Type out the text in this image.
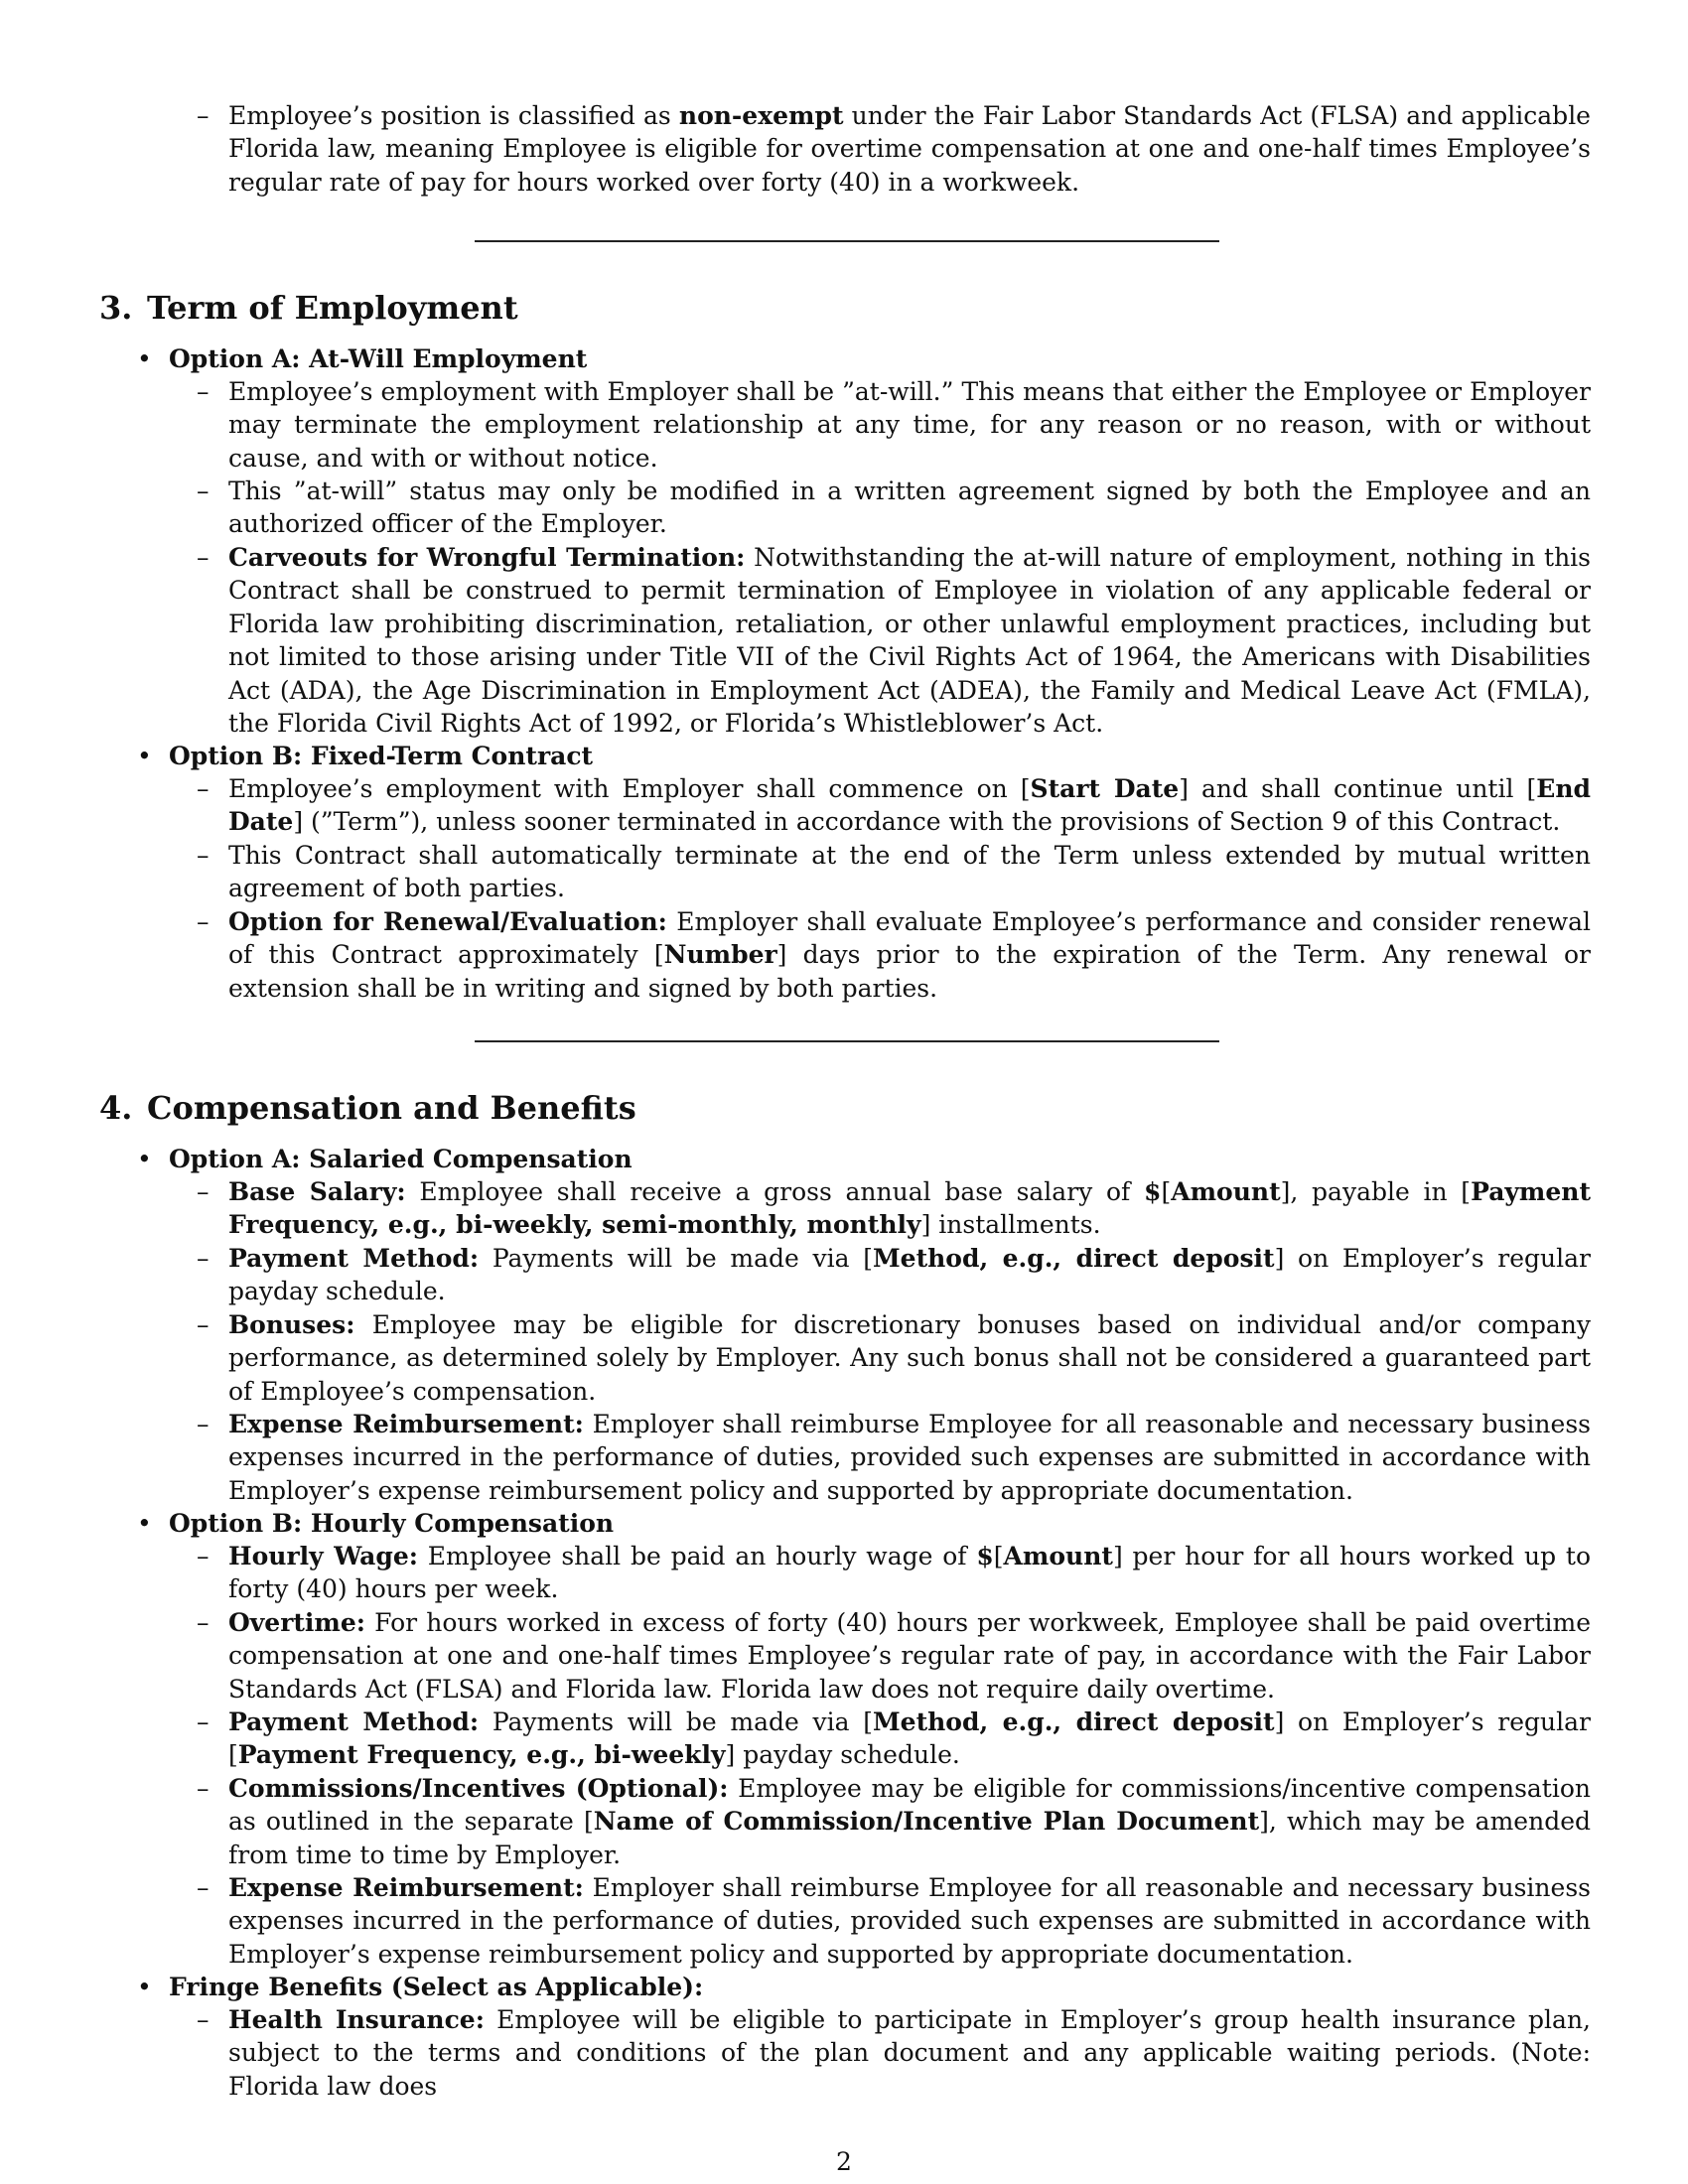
– Employee’s position is classified as non-exempt under the Fair Labor Standards Act (FLSA) and applicable Florida law, meaning Employee is eligible for overtime compensation at one and one-half times Employee’s regular rate of pay for hours worked over forty (40) in a workweek.

3. Term of Employment

• Option A: At-Will Employment

– Employee’s employment with Employer shall be ”at-will.” This means that either the Employee or Employer may terminate the employment relationship at any time, for any reason or no reason, with or without cause, and with or without notice.

– This ”at-will” status may only be modified in a written agreement signed by both the Employee and an authorized officer of the Employer.

– Carveouts for Wrongful Termination: Notwithstanding the at-will nature of employment, nothing in this Contract shall be construed to permit termination of Employee in violation of any applicable federal or Florida law prohibiting discrimination, retaliation, or other unlawful employment practices, including but not limited to those arising under Title VII of the Civil Rights Act of 1964, the Americans with Disabilities Act (ADA), the Age Discrimination in Employment Act (ADEA), the Family and Medical Leave Act (FMLA), the Florida Civil Rights Act of 1992, or Florida’s Whistleblower’s Act.

• Option B: Fixed-Term Contract

– Employee’s employment with Employer shall commence on [Start Date] and shall continue until [End Date] (”Term”), unless sooner terminated in accordance with the provisions of Section 9 of this Contract.

– This Contract shall automatically terminate at the end of the Term unless extended by mutual written agreement of both parties.

– Option for Renewal/Evaluation: Employer shall evaluate Employee’s performance and consider renewal of this Contract approximately [Number] days prior to the expiration of the Term. Any renewal or extension shall be in writing and signed by both parties.

4. Compensation and Benefits

• Option A: Salaried Compensation

– Base Salary: Employee shall receive a gross annual base salary of $[Amount], payable in [Payment Frequency, e.g., bi-weekly, semi-monthly, monthly] installments.

– Payment Method: Payments will be made via [Method, e.g., direct deposit] on Employer’s regular payday schedule.

– Bonuses: Employee may be eligible for discretionary bonuses based on individual and/or company performance, as determined solely by Employer. Any such bonus shall not be considered a guaranteed part of Employee’s compensation.

– Expense Reimbursement: Employer shall reimburse Employee for all reasonable and necessary business expenses incurred in the performance of duties, provided such expenses are submitted in accordance with Employer’s expense reimbursement policy and supported by appropriate documentation.

• Option B: Hourly Compensation

– Hourly Wage: Employee shall be paid an hourly wage of $[Amount] per hour for all hours worked up to forty (40) hours per week.

– Overtime: For hours worked in excess of forty (40) hours per workweek, Employee shall be paid overtime compensation at one and one-half times Employee’s regular rate of pay, in accordance with the Fair Labor Standards Act (FLSA) and Florida law. Florida law does not require daily overtime.

– Payment Method: Payments will be made via [Method, e.g., direct deposit] on Employer’s regular [Payment Frequency, e.g., bi-weekly] payday schedule.

– Commissions/Incentives (Optional): Employee may be eligible for commissions/incentive compensation as outlined in the separate [Name of Commission/Incentive Plan Document], which may be amended from time to time by Employer.

– Expense Reimbursement: Employer shall reimburse Employee for all reasonable and necessary business expenses incurred in the performance of duties, provided such expenses are submitted in accordance with Employer’s expense reimbursement policy and supported by appropriate documentation.

• Fringe Benefits (Select as Applicable):

– Health Insurance: Employee will be eligible to participate in Employer’s group health insurance plan, subject to the terms and conditions of the plan document and any applicable waiting periods. (Note: Florida law does

2
